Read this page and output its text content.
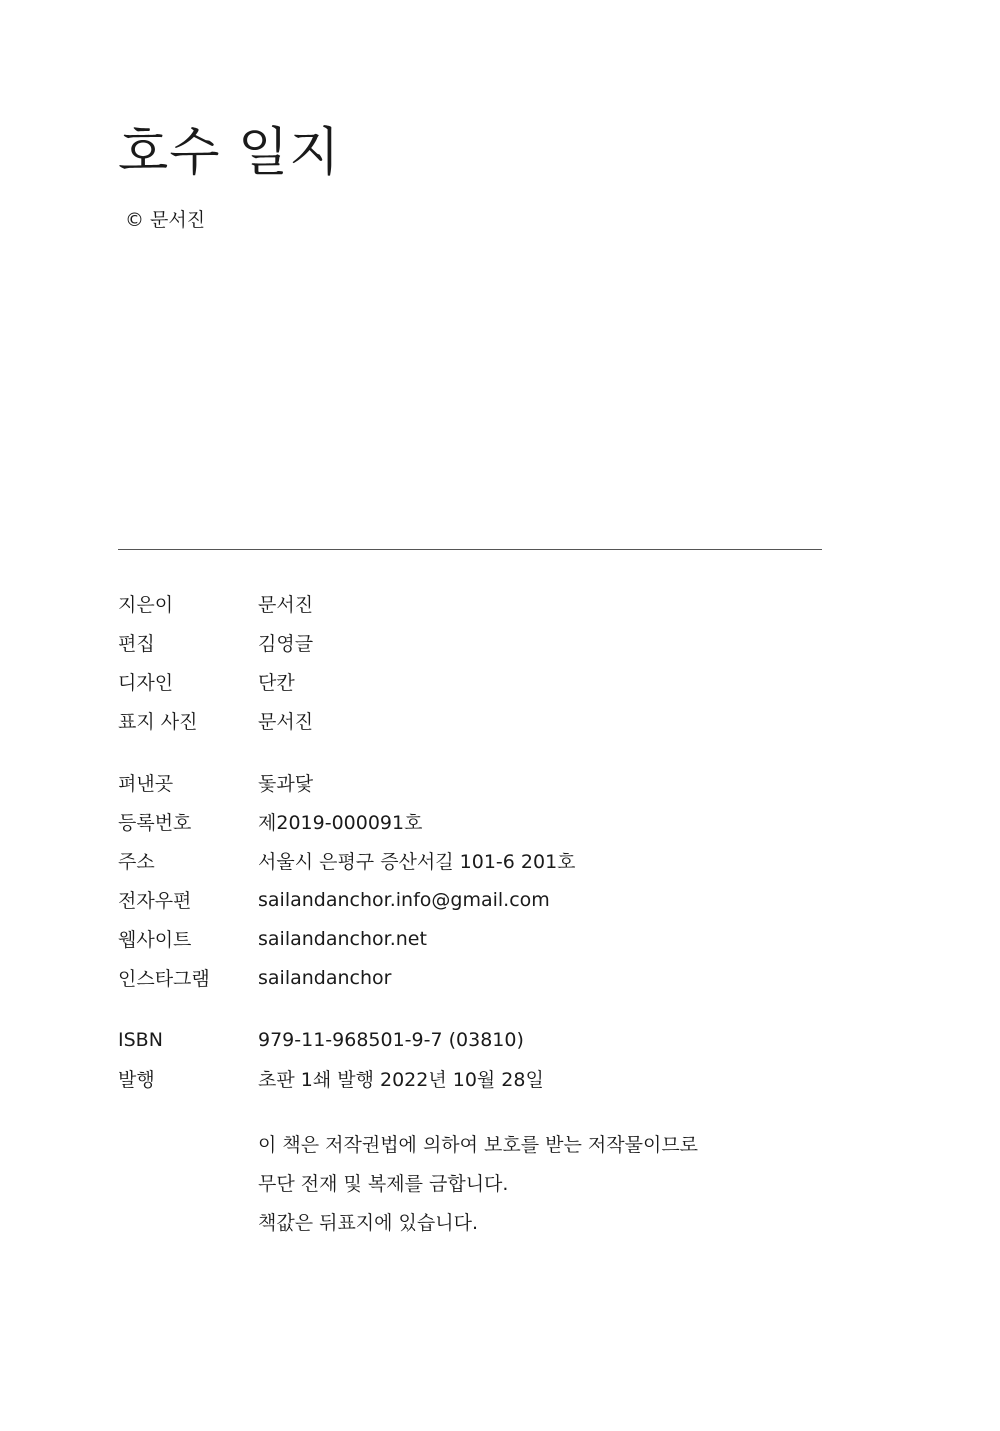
호수 일지
© 문서진
지은이	문서진
편집	김영글
디자인	단칸
표지 사진	문서진
펴낸곳	돛과닻
등록번호	제2019-000091호
주소	서울시 은평구 증산서길 101-6 201호
전자우편	sailandanchor.info@gmail.com
웹사이트	sailandanchor.net
인스타그램	sailandanchor
ISBN	979-11-968501-9-7 (03810)
발행	초판 1쇄 발행 2022년 10월 28일
이 책은 저작권법에 의하여 보호를 받는 저작물이므로
무단 전재 및 복제를 금합니다.
책값은 뒤표지에 있습니다.
